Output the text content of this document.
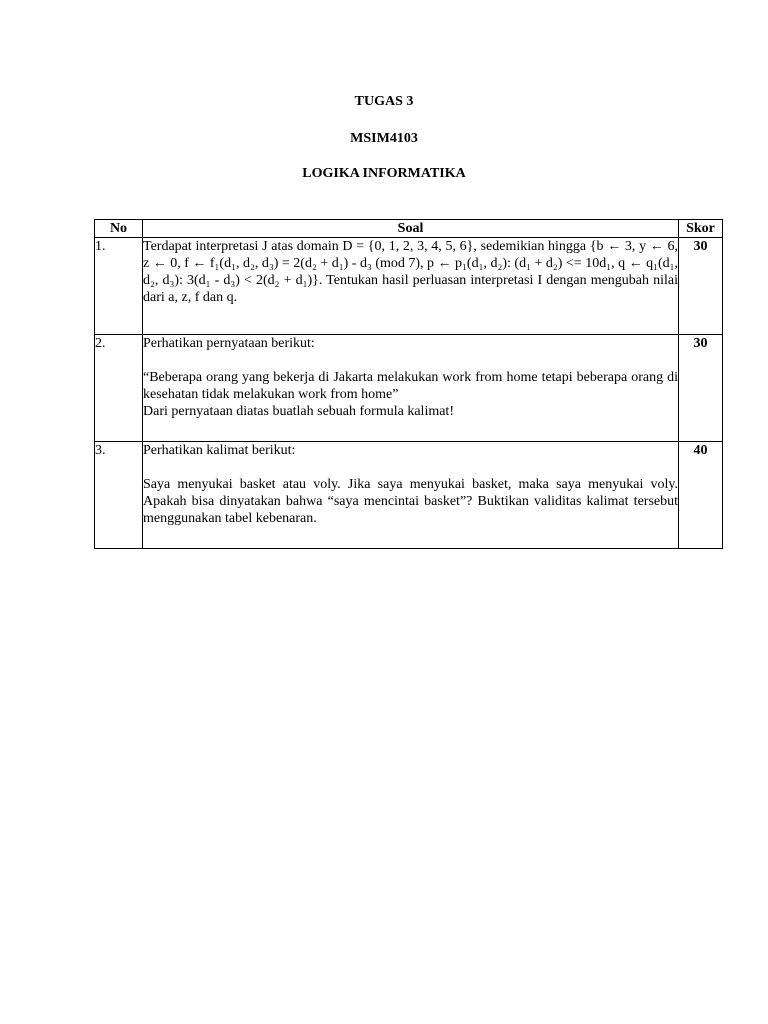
TUGAS 3
MSIM4103
LOGIKA INFORMATIKA
No	Soal	Skor
1.	Terdapat interpretasi J atas domain D = {0, 1, 2, 3, 4, 5, 6}, sedemikian hingga {b ← 3, y ← 6, z ← 0, f ← f₁(d₁, d₂, d₃) = 2(d₂ + d₁) - d₃ (mod 7), p ← p₁(d₁, d₂): (d₁ + d₂) <= 10d₁, q ← q₁(d₁, d₂, d₃): 3(d₁ - d₃) < 2(d₂ + d₁)}. Tentukan hasil perluasan interpretasi I dengan mengubah nilai dari a, z, f dan q.	30
2.	Perhatikan pernyataan berikut:

“Beberapa orang yang bekerja di Jakarta melakukan work from home tetapi beberapa orang di kesehatan tidak melakukan work from home”

Dari pernyataan diatas buatlah sebuah formula kalimat!	30
3.	Perhatikan kalimat berikut:

Saya menyukai basket atau voly. Jika saya menyukai basket, maka saya menyukai voly. Apakah bisa dinyatakan bahwa “saya mencintai basket”? Buktikan validitas kalimat tersebut menggunakan tabel kebenaran.	40
